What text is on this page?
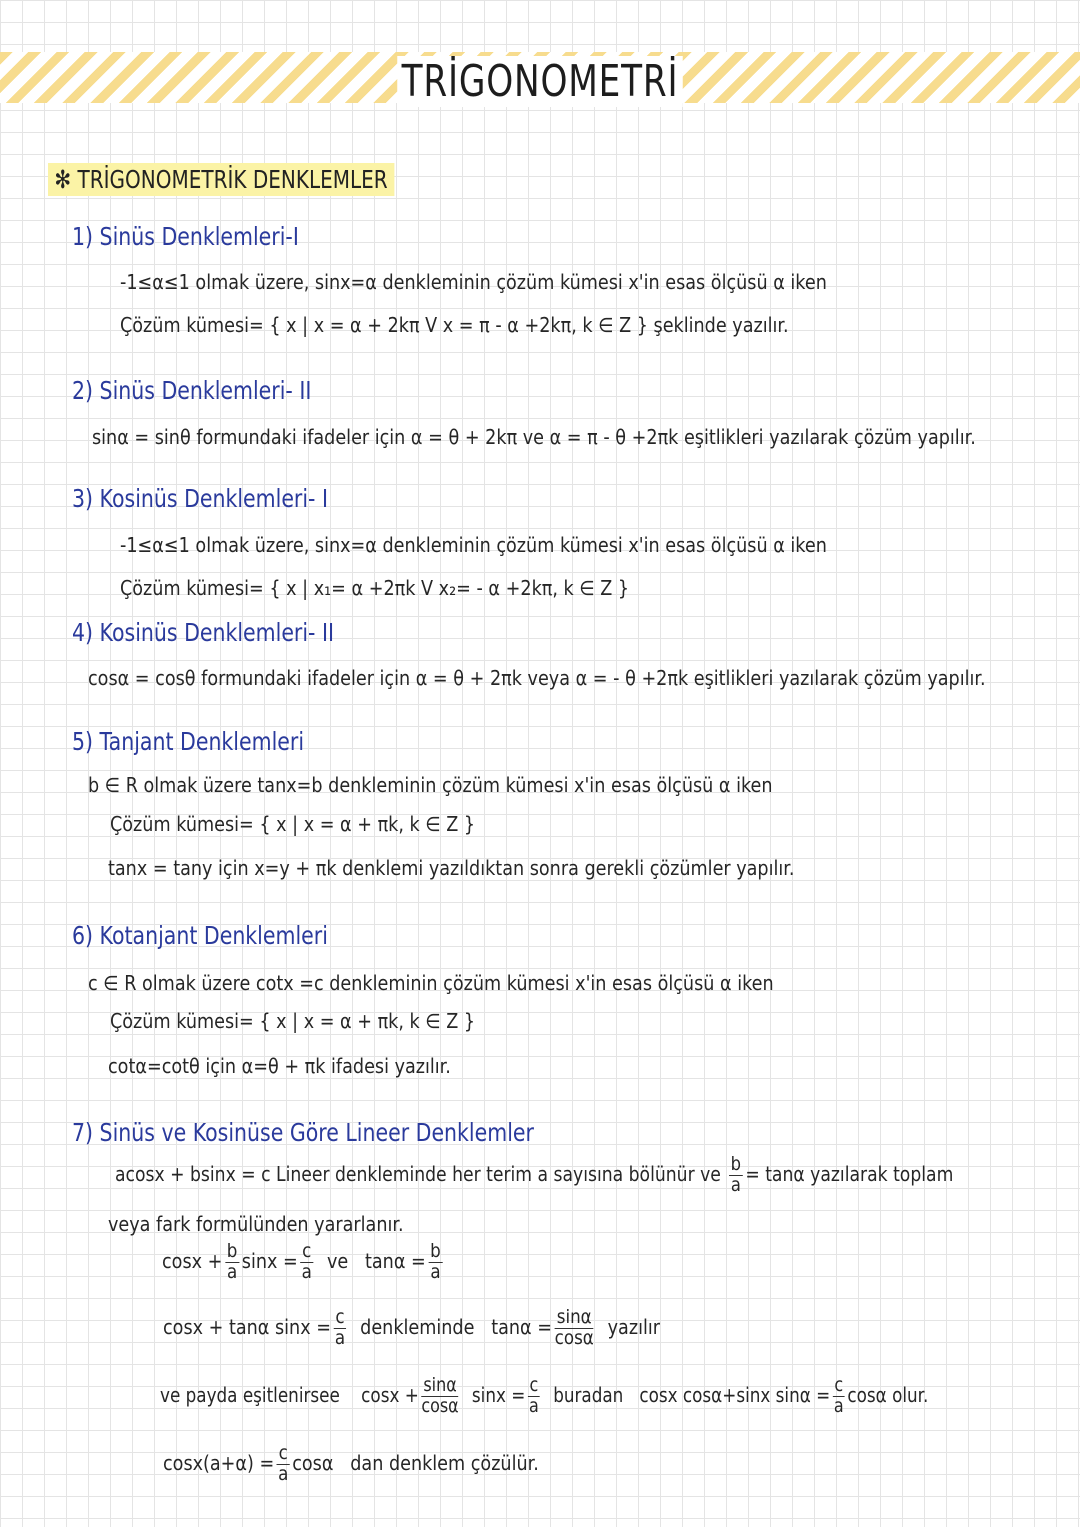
TRİGONOMETRİ
✻ TRİGONOMETRİK DENKLEMLER
1) Sinüs Denklemleri-I
-1≤α≤1 olmak üzere, sinx=α denkleminin çözüm kümesi x'in esas ölçüsü α iken
Çözüm kümesi= { x | x = α + 2kπ V x = π - α +2kπ, k ∈ Z } şeklinde yazılır.
2) Sinüs Denklemleri- II
sinα = sinθ formundaki ifadeler için α = θ + 2kπ ve α = π - θ +2πk eşitlikleri yazılarak çözüm yapılır.
3) Kosinüs Denklemleri- I
-1≤α≤1 olmak üzere, sinx=α denkleminin çözüm kümesi x'in esas ölçüsü α iken
Çözüm kümesi= { x | x₁= α +2πk V x₂= - α +2kπ, k ∈ Z }
4) Kosinüs Denklemleri- II
cosα = cosθ formundaki ifadeler için α = θ + 2πk veya α = - θ +2πk eşitlikleri yazılarak çözüm yapılır.
5) Tanjant Denklemleri
b ∈ R olmak üzere tanx=b denkleminin çözüm kümesi x'in esas ölçüsü α iken
Çözüm kümesi= { x | x = α + πk, k ∈ Z }
tanx = tany için x=y + πk denklemi yazıldıktan sonra gerekli çözümler yapılır.
6) Kotanjant Denklemleri
c ∈ R olmak üzere cotx =c denkleminin çözüm kümesi x'in esas ölçüsü α iken
Çözüm kümesi= { x | x = α + πk, k ∈ Z }
cotα=cotθ için α=θ + πk ifadesi yazılır.
7) Sinüs ve Kosinüse Göre Lineer Denklemler
acosx + bsinx = c Lineer denkleminde her terim a sayısına bölünür ve $\frac{b}{a} = \tan\alpha$ yazılarak toplam
veya fark formülünden yararlanır.
$\cos x + \frac{b}{a}$ $\sin x = \frac{c}{a}$ ve   $\tan\alpha = \frac{b}{a}$
cosx + tanα $\sin x = \frac{c}{a}$ denkleminde   $\tan\alpha = \frac{\sin\alpha}{\cos\alpha}$ yazılır
ve payda eşitlenirsee    $\cos x + \frac{\sin\alpha}{\cos\alpha}$ $\sin x = \frac{c}{a}$ buradan   cosx cosα+sinx $\sin\alpha = \frac{c}{a}$ cosα olur.
$\cos x(a+\alpha) = \frac{c}{a}$ cosα   dan denklem çözülür.
